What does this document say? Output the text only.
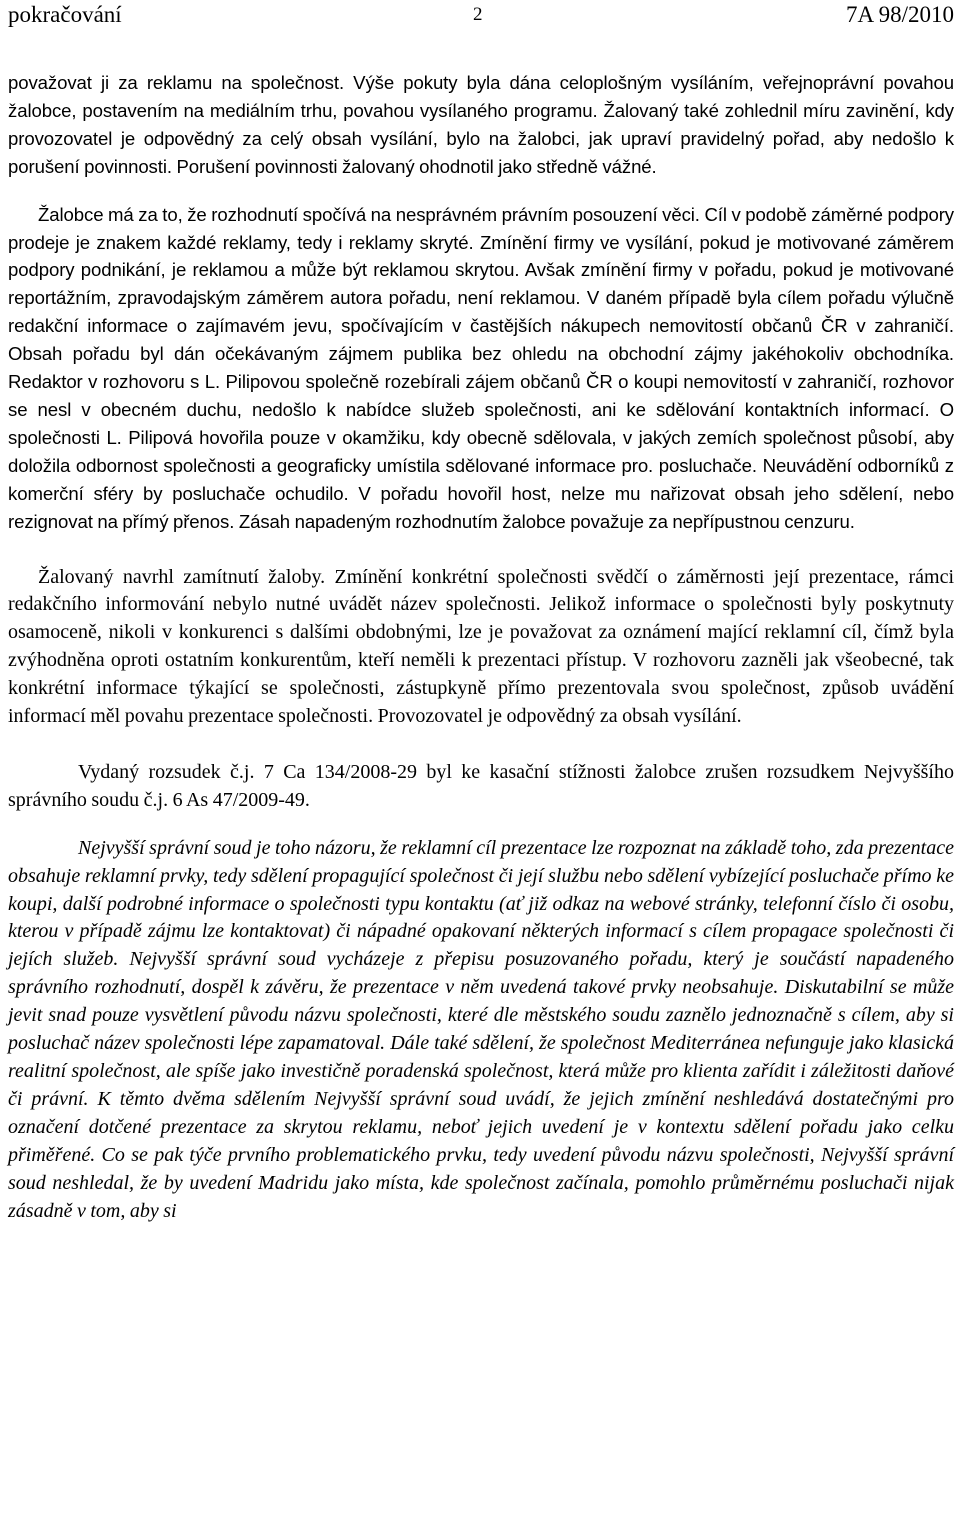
pokračování	2	7A 98/2010

považovat ji za reklamu na společnost. Výše pokuty byla dána celoplošným vysíláním, veřejnoprávní povahou žalobce, postavením na mediálním trhu, povahou vysílaného programu. Žalovaný také zohlednil míru zavinění, kdy provozovatel je odpovědný za celý obsah vysílání, bylo na žalobci, jak upraví pravidelný pořad, aby nedošlo k porušení povinnosti. Porušení povinnosti žalovaný ohodnotil jako středně vážné.

Žalobce má za to, že rozhodnutí spočívá na nesprávném právním posouzení věci. Cíl v podobě záměrné podpory prodeje je znakem každé reklamy, tedy i reklamy skryté. Zmínění firmy ve vysílání, pokud je motivované záměrem podpory podnikání, je reklamou a může být reklamou skrytou. Avšak zmínění firmy v pořadu, pokud je motivované reportážním, zpravodajským záměrem autora pořadu, není reklamou. V daném případě byla cílem pořadu výlučně redakční informace o zajímavém jevu, spočívajícím v častějších nákupech nemovitostí občanů ČR v zahraničí. Obsah pořadu byl dán očekávaným zájmem publika bez ohledu na obchodní zájmy jakéhokoliv obchodníka. Redaktor v rozhovoru s L. Pilipovou společně rozebírali zájem občanů ČR o koupi nemovitostí v zahraničí, rozhovor se nesl v obecném duchu, nedošlo k nabídce služeb společnosti, ani ke sdělování kontaktních informací. O společnosti L. Pilipová hovořila pouze v okamžiku, kdy obecně sdělovala, v jakých zemích společnost působí, aby doložila odbornost společnosti a geograficky umístila sdělované informace pro. posluchače. Neuvádění odborníků z komerční sféry by posluchače ochudilo. V pořadu hovořil host, nelze mu nařizovat obsah jeho sdělení, nebo rezignovat na přímý přenos. Zásah napadeným rozhodnutím žalobce považuje za nepřípustnou cenzuru.

Žalovaný navrhl zamítnutí žaloby. Zmínění konkrétní společnosti svědčí o záměrnosti její prezentace, rámci redakčního informování nebylo nutné uvádět název společnosti. Jelikož informace o společnosti byly poskytnuty osamoceně, nikoli v konkurenci s dalšími obdobnými, lze je považovat za oznámení mající reklamní cíl, čímž byla zvýhodněna oproti ostatním konkurentům, kteří neměli k prezentaci přístup. V rozhovoru zazněli jak všeobecné, tak konkrétní informace týkající se společnosti, zástupkyně přímo prezentovala svou společnost, způsob uvádění informací měl povahu prezentace společnosti. Provozovatel je odpovědný za obsah vysílání.

Vydaný rozsudek č.j. 7 Ca 134/2008-29 byl ke kasační stížnosti žalobce zrušen rozsudkem Nejvyššího správního soudu č.j. 6 As 47/2009-49.

Nejvyšší správní soud je toho názoru, že reklamní cíl prezentace lze rozpoznat na základě toho, zda prezentace obsahuje reklamní prvky, tedy sdělení propagující společnost či její službu nebo sdělení vybízející posluchače přímo ke koupi, další podrobné informace o společnosti typu kontaktu (ať již odkaz na webové stránky, telefonní číslo či osobu, kterou v případě zájmu lze kontaktovat) či nápadné opakovaní některých informací s cílem propagace společnosti či jejích služeb. Nejvyšší správní soud vycházeje z přepisu posuzovaného pořadu, který je součástí napadeného správního rozhodnutí, dospěl k závěru, že prezentace v něm uvedená takové prvky neobsahuje. Diskutabilní se může jevit snad pouze vysvětlení původu názvu společnosti, které dle městského soudu zaznělo jednoznačně s cílem, aby si posluchač název společnosti lépe zapamatoval. Dále také sdělení, že společnost Mediterránea nefunguje jako klasická realitní společnost, ale spíše jako investičně poradenská společnost, která může pro klienta zařídit i záležitosti daňové či právní. K těmto dvěma sdělením Nejvyšší správní soud uvádí, že jejich zmínění neshledává dostatečnými pro označení dotčené prezentace za skrytou reklamu, neboť jejich uvedení je v kontextu sdělení pořadu jako celku přiměřené. Co se pak týče prvního problematického prvku, tedy uvedení původu názvu společnosti, Nejvyšší správní soud neshledal, že by uvedení Madridu jako místa, kde společnost začínala, pomohlo průměrnému posluchači nijak zásadně v tom, aby si
